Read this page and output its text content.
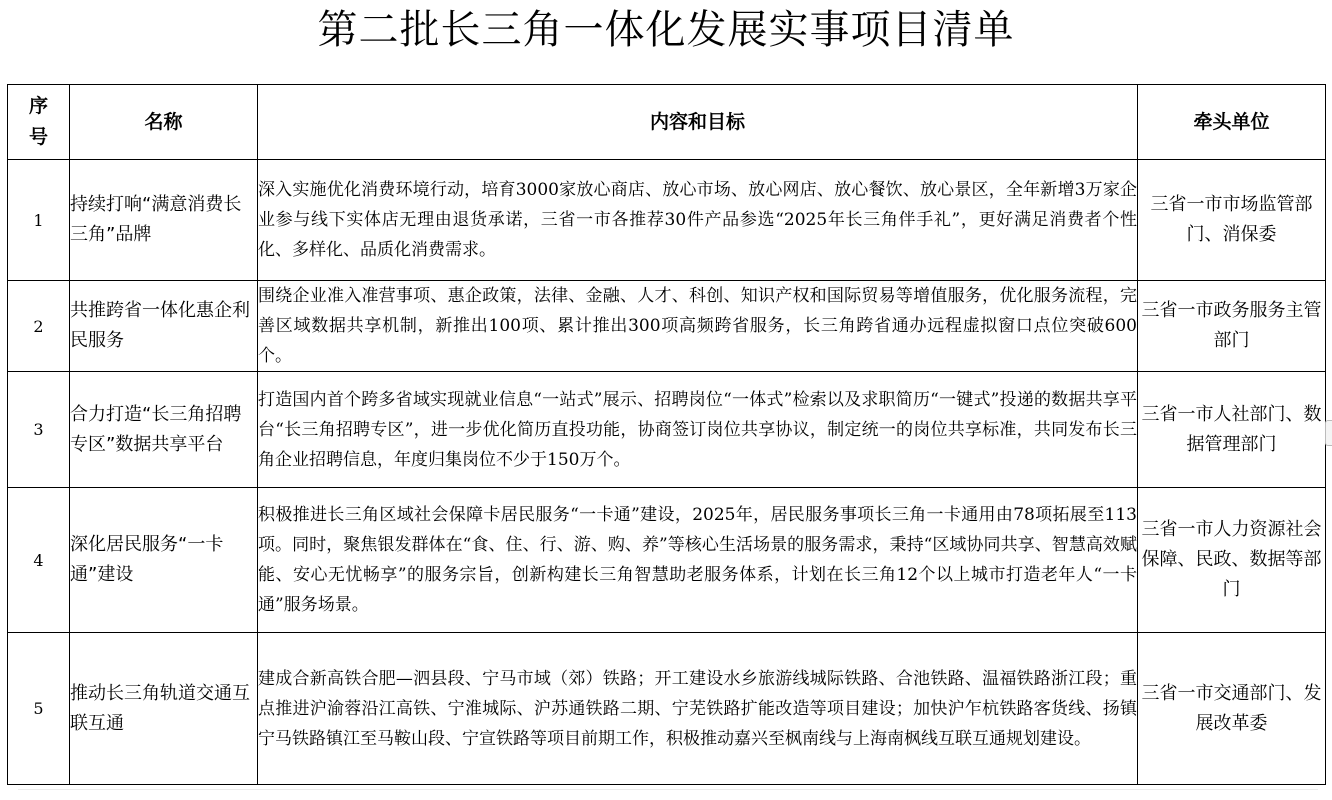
第二批长三角一体化发展实事项目清单
序号	名称	内容和目标	牵头单位
1	持续打响“满意消费长三角”品牌	深入实施优化消费环境行动，培育3000家放心商店、放心市场、放心网店、放心餐饮、放心景区，全年新增3万家企业参与线下实体店无理由退货承诺，三省一市各推荐30件产品参选“2025年长三角伴手礼”，更好满足消费者个性化、多样化、品质化消费需求。	三省一市市场监管部门、消保委
2	共推跨省一体化惠企利民服务	围绕企业准入准营事项、惠企政策，法律、金融、人才、科创、知识产权和国际贸易等增值服务，优化服务流程，完善区域数据共享机制，新推出100项、累计推出300项高频跨省服务，长三角跨省通办远程虚拟窗口点位突破600个。	三省一市政务服务主管部门
3	合力打造“长三角招聘专区”数据共享平台	打造国内首个跨多省域实现就业信息“一站式”展示、招聘岗位“一体式”检索以及求职简历“一键式”投递的数据共享平台“长三角招聘专区”，进一步优化简历直投功能，协商签订岗位共享协议，制定统一的岗位共享标准，共同发布长三角企业招聘信息，年度归集岗位不少于150万个。	三省一市人社部门、数据管理部门
4	深化居民服务“一卡通”建设	积极推进长三角区域社会保障卡居民服务“一卡通”建设，2025年，居民服务事项长三角一卡通用由78项拓展至113项。同时，聚焦银发群体在“食、住、行、游、购、养”等核心生活场景的服务需求，秉持“区域协同共享、智慧高效赋能、安心无忧畅享”的服务宗旨，创新构建长三角智慧助老服务体系，计划在长三角12个以上城市打造老年人“一卡通”服务场景。	三省一市人力资源社会保障、民政、数据等部门
5	推动长三角轨道交通互联互通	建成合新高铁合肥—泗县段、宁马市域（郊）铁路；开工建设水乡旅游线城际铁路、合池铁路、温福铁路浙江段；重点推进沪渝蓉沿江高铁、宁淮城际、沪苏通铁路二期、宁芜铁路扩能改造等项目建设；加快沪乍杭铁路客货线、扬镇宁马铁路镇江至马鞍山段、宁宣铁路等项目前期工作，积极推动嘉兴至枫南线与上海南枫线互联互通规划建设。	三省一市交通部门、发展改革委
